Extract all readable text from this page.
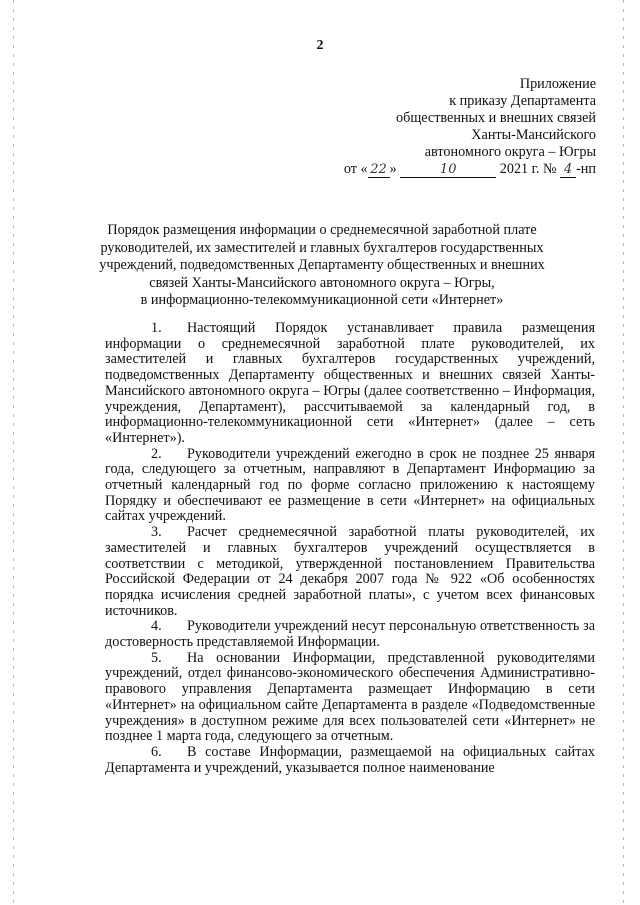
2
Приложение
к приказу Департамента
общественных и внешних связей
Ханты-Мансийского
автономного округа – Югры
от « 22 »	10	2021 г. № 4 -нп
Порядок размещения информации о среднемесячной заработной плате
руководителей, их заместителей и главных бухгалтеров государственных
учреждений, подведомственных Департаменту общественных и внешних
связей Ханты-Мансийского автономного округа – Югры,
в информационно-телекоммуникационной сети «Интернет»

1. Настоящий Порядок устанавливает правила размещения информации о среднемесячной заработной плате руководителей, их заместителей и главных бухгалтеров государственных учреждений, подведомственных Департаменту общественных и внешних связей Ханты-Мансийского автономного округа – Югры (далее соответственно – Информация, учреждения, Департамент), рассчитываемой за календарный год, в информационно-телекоммуникационной сети «Интернет» (далее – сеть «Интернет»).

2. Руководители учреждений ежегодно в срок не позднее 25 января года, следующего за отчетным, направляют в Департамент Информацию за отчетный календарный год по форме согласно приложению к настоящему Порядку и обеспечивают ее размещение в сети «Интернет» на официальных сайтах учреждений.

3. Расчет среднемесячной заработной платы руководителей, их заместителей и главных бухгалтеров учреждений осуществляется в соответствии с методикой, утвержденной постановлением Правительства Российской Федерации от 24 декабря 2007 года № 922 «Об особенностях порядка исчисления средней заработной платы», с учетом всех финансовых источников.

4. Руководители учреждений несут персональную ответственность за достоверность представляемой Информации.

5. На основании Информации, представленной руководителями учреждений, отдел финансово-экономического обеспечения Административно-правового управления Департамента размещает Информацию в сети «Интернет» на официальном сайте Департамента в разделе «Подведомственные учреждения» в доступном режиме для всех пользователей сети «Интернет» не позднее 1 марта года, следующего за отчетным.

6. В составе Информации, размещаемой на официальных сайтах Департамента и учреждений, указывается полное наименование
